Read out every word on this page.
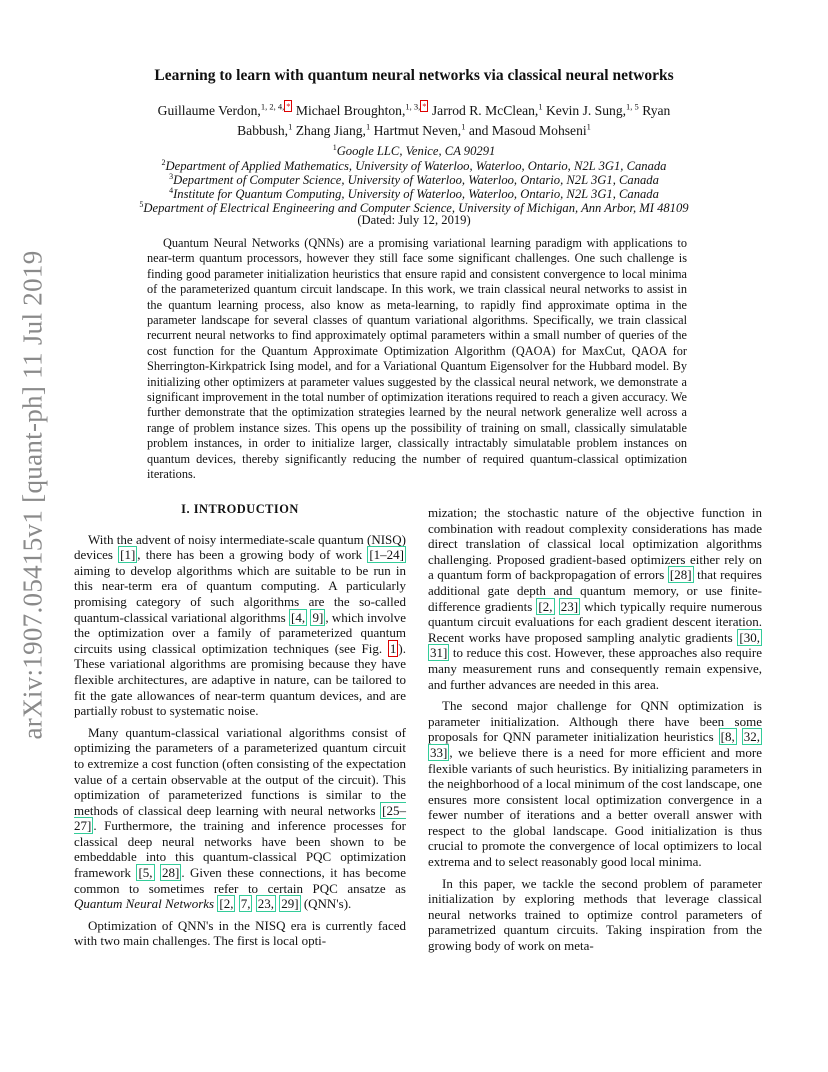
arXiv:1907.05415v1 [quant-ph] 11 Jul 2019
Learning to learn with quantum neural networks via classical neural networks
Guillaume Verdon,$^{1, 2, 4,}$ * Michael Broughton,$^{1, 3,}$ * Jarrod R. McClean,$^1$ Kevin J. Sung,$^{1, 5}$ Ryan Babbush,$^1$ Zhang Jiang,$^1$ Hartmut Neven,$^1$ and Masoud Mohseni$^1$
$^1$Google LLC, Venice, CA 90291
$^2$Department of Applied Mathematics, University of Waterloo, Waterloo, Ontario, N2L 3G1, Canada
$^3$Department of Computer Science, University of Waterloo, Waterloo, Ontario, N2L 3G1, Canada
$^4$Institute for Quantum Computing, University of Waterloo, Waterloo, Ontario, N2L 3G1, Canada
$^5$Department of Electrical Engineering and Computer Science, University of Michigan, Ann Arbor, MI 48109
(Dated: July 12, 2019)

Quantum Neural Networks (QNNs) are a promising variational learning paradigm with applications to near-term quantum processors, however they still face some significant challenges. One such challenge is finding good parameter initialization heuristics that ensure rapid and consistent convergence to local minima of the parameterized quantum circuit landscape. In this work, we train classical neural networks to assist in the quantum learning process, also know as meta-learning, to rapidly find approximate optima in the parameter landscape for several classes of quantum variational algorithms. Specifically, we train classical recurrent neural networks to find approximately optimal parameters within a small number of queries of the cost function for the Quantum Approximate Optimization Algorithm (QAOA) for MaxCut, QAOA for Sherrington-Kirkpatrick Ising model, and for a Variational Quantum Eigensolver for the Hubbard model. By initializing other optimizers at parameter values suggested by the classical neural network, we demonstrate a significant improvement in the total number of optimization iterations required to reach a given accuracy. We further demonstrate that the optimization strategies learned by the neural network generalize well across a range of problem instance sizes. This opens up the possibility of training on small, classically simulatable problem instances, in order to initialize larger, classically intractably simulatable problem instances on quantum devices, thereby significantly reducing the number of required quantum-classical optimization iterations.

I. INTRODUCTION

With the advent of noisy intermediate-scale quantum (NISQ) devices [1] , there has been a growing body of work [1–24] aiming to develop algorithms which are suitable to be run in this near-term era of quantum computing. A particularly promising category of such algorithms are the so-called quantum-classical variational algorithms [4, 9] , which involve the optimization over a family of parameterized quantum circuits using classical optimization techniques (see Fig. 1 ). These variational algorithms are promising because they have flexible architectures, are adaptive in nature, can be tailored to fit the gate allowances of near-term quantum devices, and are partially robust to systematic noise.

Many quantum-classical variational algorithms consist of optimizing the parameters of a parameterized quantum circuit to extremize a cost function (often consisting of the expectation value of a certain observable at the output of the circuit). This optimization of parameterized functions is similar to the methods of classical deep learning with neural networks [25–27] . Furthermore, the training and inference processes for classical deep neural networks have been shown to be embeddable into this quantum-classical PQC optimization framework [5, 28] . Given these connections, it has become common to sometimes refer to certain PQC ansatze as Quantum Neural Networks [2, 7, 23, 29] (QNN's).

Optimization of QNN's in the NISQ era is currently faced with two main challenges. The first is local opti-

mization; the stochastic nature of the objective function in combination with readout complexity considerations has made direct translation of classical local optimization algorithms challenging. Proposed gradient-based optimizers either rely on a quantum form of backpropagation of errors [28] that requires additional gate depth and quantum memory, or use finite-difference gradients [2, 23] which typically require numerous quantum circuit evaluations for each gradient descent iteration. Recent works have proposed sampling analytic gradients [30, 31] to reduce this cost. However, these approaches also require many measurement runs and consequently remain expensive, and further advances are needed in this area.

The second major challenge for QNN optimization is parameter initialization. Although there have been some proposals for QNN parameter initialization heuristics [8, 32, 33] , we believe there is a need for more efficient and more flexible variants of such heuristics. By initializing parameters in the neighborhood of a local minimum of the cost landscape, one ensures more consistent local optimization convergence in a fewer number of iterations and a better overall answer with respect to the global landscape. Good initialization is thus crucial to promote the convergence of local optimizers to local extrema and to select reasonably good local minima.

In this paper, we tackle the second problem of parameter initialization by exploring methods that leverage classical neural networks trained to optimize control parameters of parametrized quantum circuits. Taking inspiration from the growing body of work on meta-
